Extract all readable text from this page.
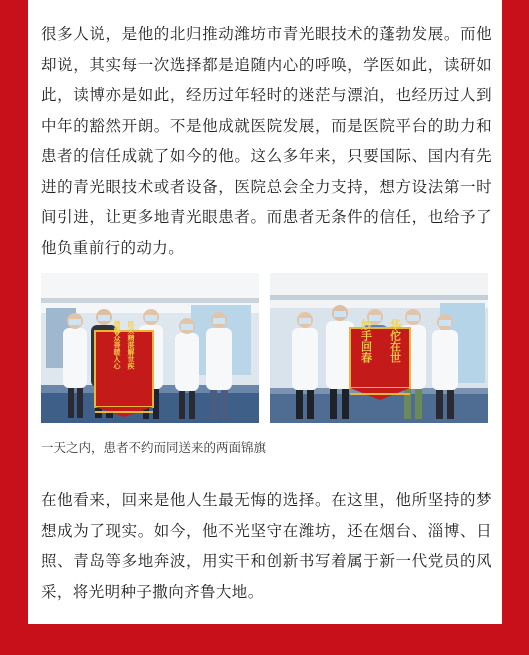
很多人说，是他的北归推动潍坊市青光眼技术的蓬勃发展。而他却说，其实每一次选择都是追随内心的呼唤，学医如此，读研如此，读博亦是如此，经历过年轻时的迷茫与漂泊，也经历过人到中年的豁然开朗。不是他成就医院发展，而是医院平台的助力和患者的信任成就了如今的他。这么多年来，只要国际、国内有先进的青光眼技术或者设备，医院总会全力支持，想方设法第一时间引进，让更多地青光眼患者。而患者无条件的信任，也给予了他负重前行的动力。

医术精湛解世疾
德馨众善暖人心	华佗在世
妙手回春

一天之内，患者不约而同送来的两面锦旗

在他看来，回来是他人生最无悔的选择。在这里，他所坚持的梦想成为了现实。如今，他不光坚守在潍坊，还在烟台、淄博、日照、青岛等多地奔波，用实干和创新书写着属于新一代党员的风采，将光明种子撒向齐鲁大地。
